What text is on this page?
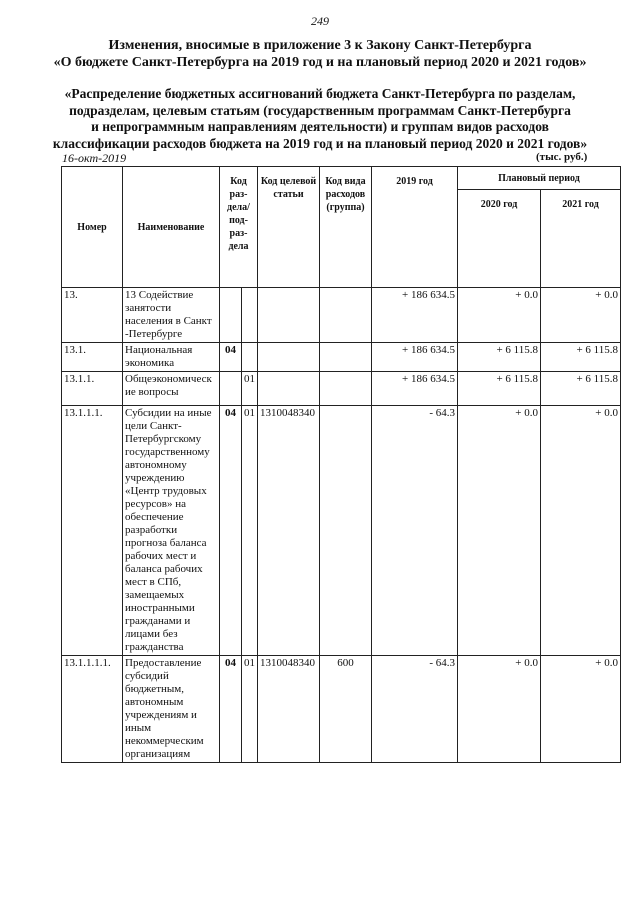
249
Изменения, вносимые в приложение 3 к Закону Санкт-Петербурга
«О бюджете Санкт-Петербурга на 2019 год и на плановый период 2020 и 2021 годов»
«Распределение бюджетных ассигнований бюджета Санкт-Петербурга по разделам,
подразделам, целевым статьям (государственным программам Санкт-Петербурга
и непрограммным направлениям деятельности) и группам видов расходов
классификации расходов бюджета на 2019 год и на плановый период 2020 и 2021 годов»
16-окт-2019	(тыс. руб.)
Номер	Наименование	Код раз- дела/ под- раз- дела		Код целевой статьи	Код вида расходов (группа)	2019 год	Плановый период	
							2020 год	2021 год
13.	13 Содействие занятости населения в Санкт -Петербурге					+ 186 634.5	+ 0.0	+ 0.0
13.1.	Национальная экономика	04				+ 186 634.5	+ 6 115.8	+ 6 115.8
13.1.1.	Общеэкономическ ие вопросы		01			+ 186 634.5	+ 6 115.8	+ 6 115.8
13.1.1.1.	Субсидии на иные цели Санкт-Петербургскому государственному автономному учреждению «Центр трудовых ресурсов» на обеспечение разработки прогноза баланса рабочих мест и баланса рабочих мест в СПб, замещаемых иностранными гражданами и лицами без гражданства	04	01	1310048340		- 64.3	+ 0.0	+ 0.0
13.1.1.1.1.	Предоставление субсидий бюджетным, автономным учреждениям и иным некоммерческим организациям	04	01	1310048340	600	- 64.3	+ 0.0	+ 0.0
